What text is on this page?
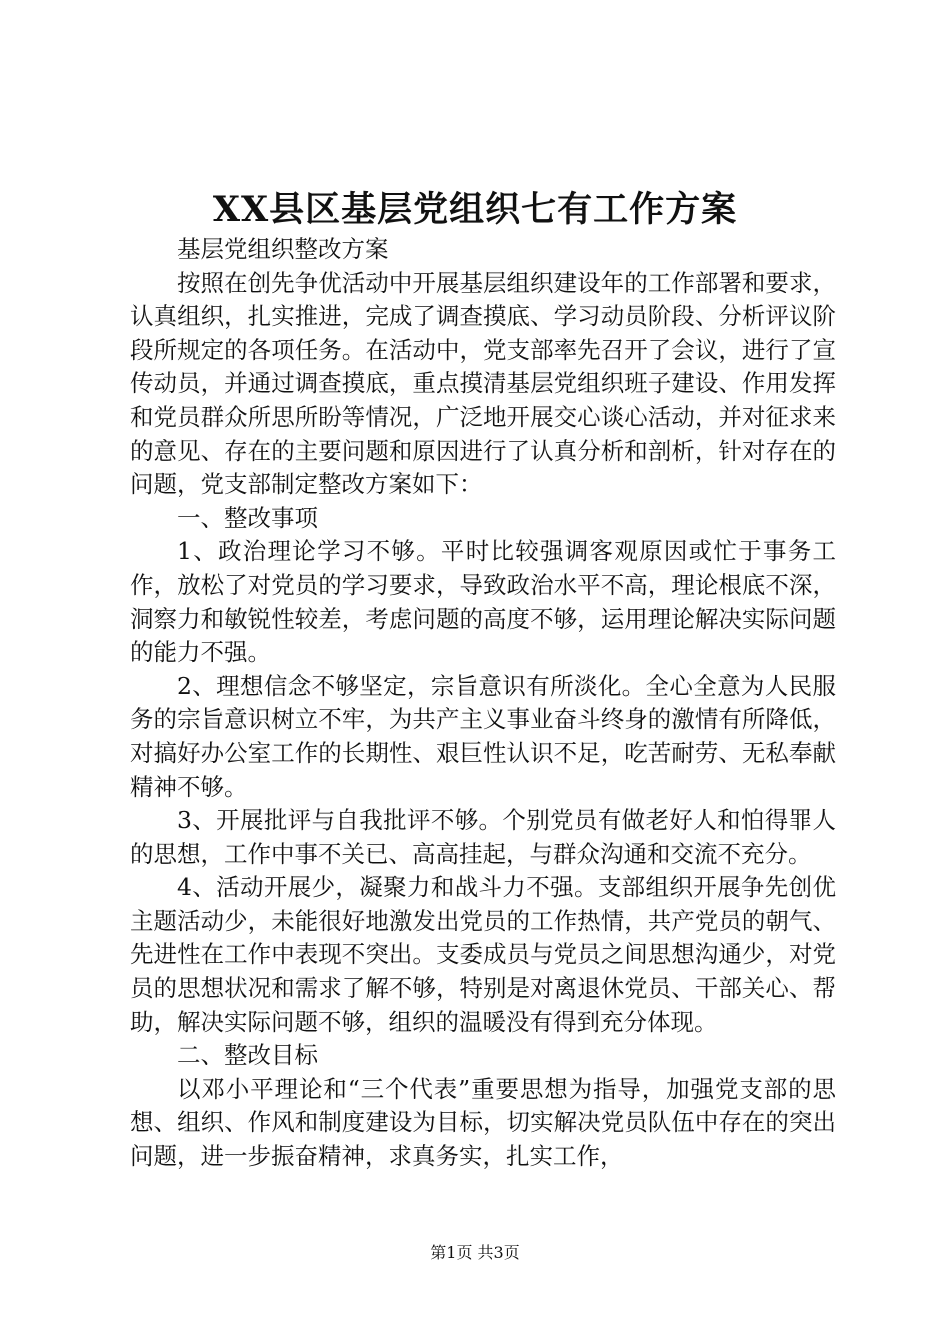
XX县区基层党组织七有工作方案

基层党组织整改方案

按照在创先争优活动中开展基层组织建设年的工作部署和要求，认真组织，扎实推进，完成了调查摸底、学习动员阶段、分析评议阶段所规定的各项任务。在活动中，党支部率先召开了会议，进行了宣传动员，并通过调查摸底，重点摸清基层党组织班子建设、作用发挥和党员群众所思所盼等情况，广泛地开展交心谈心活动，并对征求来的意见、存在的主要问题和原因进行了认真分析和剖析，针对存在的问题，党支部制定整改方案如下：

一、整改事项

1、政治理论学习不够。平时比较强调客观原因或忙于事务工作，放松了对党员的学习要求，导致政治水平不高，理论根底不深，洞察力和敏锐性较差，考虑问题的高度不够，运用理论解决实际问题的能力不强。

2、理想信念不够坚定，宗旨意识有所淡化。全心全意为人民服务的宗旨意识树立不牢，为共产主义事业奋斗终身的激情有所降低，对搞好办公室工作的长期性、艰巨性认识不足，吃苦耐劳、无私奉献精神不够。

3、开展批评与自我批评不够。个别党员有做老好人和怕得罪人的思想，工作中事不关已、高高挂起，与群众沟通和交流不充分。

4、活动开展少，凝聚力和战斗力不强。支部组织开展争先创优主题活动少，未能很好地激发出党员的工作热情，共产党员的朝气、先进性在工作中表现不突出。支委成员与党员之间思想沟通少，对党员的思想状况和需求了解不够，特别是对离退休党员、干部关心、帮助，解决实际问题不够，组织的温暖没有得到充分体现。

二、整改目标

以邓小平理论和“三个代表”重要思想为指导，加强党支部的思想、组织、作风和制度建设为目标，切实解决党员队伍中存在的突出问题，进一步振奋精神，求真务实，扎实工作，

第1页 共3页
